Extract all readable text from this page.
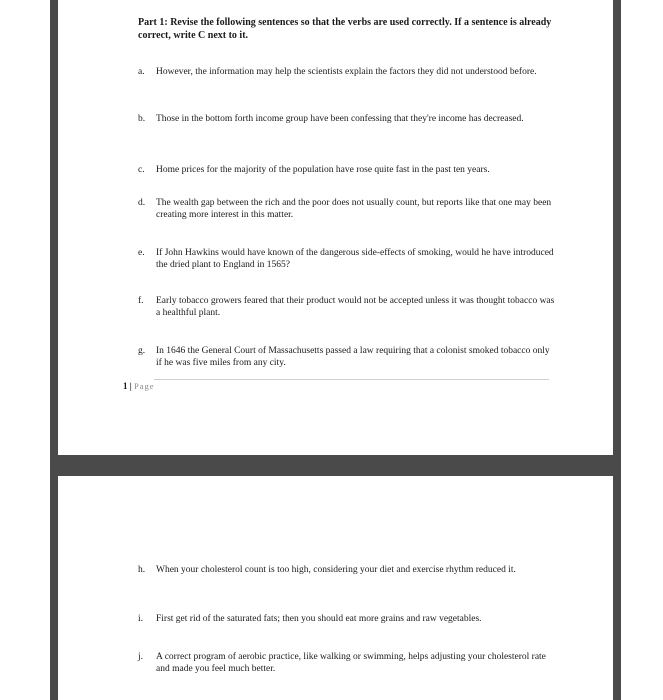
Part 1: Revise the following sentences so that the verbs are used correctly. If a sentence is already correct, write C next to it.
a.	However, the information may help the scientists explain the factors they did not understood before.
b.	Those in the bottom forth income group have been confessing that they're income has decreased.
c.	Home prices for the majority of the population have rose quite fast in the past ten years.
d.	The wealth gap between the rich and the poor does not usually count, but reports like that one may been creating more interest in this matter.
e.	If John Hawkins would have known of the dangerous side-effects of smoking, would he have introduced the dried plant to England in 1565?
f.	Early tobacco growers feared that their product would not be accepted unless it was thought tobacco was a healthful plant.
g.	In 1646 the General Court of Massachusetts passed a law requiring that a colonist smoked tobacco only if he was five miles from any city.
1 | Page
h.	When your cholesterol count is too high, considering your diet and exercise rhythm reduced it.
i.	First get rid of the saturated fats; then you should eat more grains and raw vegetables.
j.	A correct program of aerobic practice, like walking or swimming, helps adjusting your cholesterol rate and made you feel much better.
